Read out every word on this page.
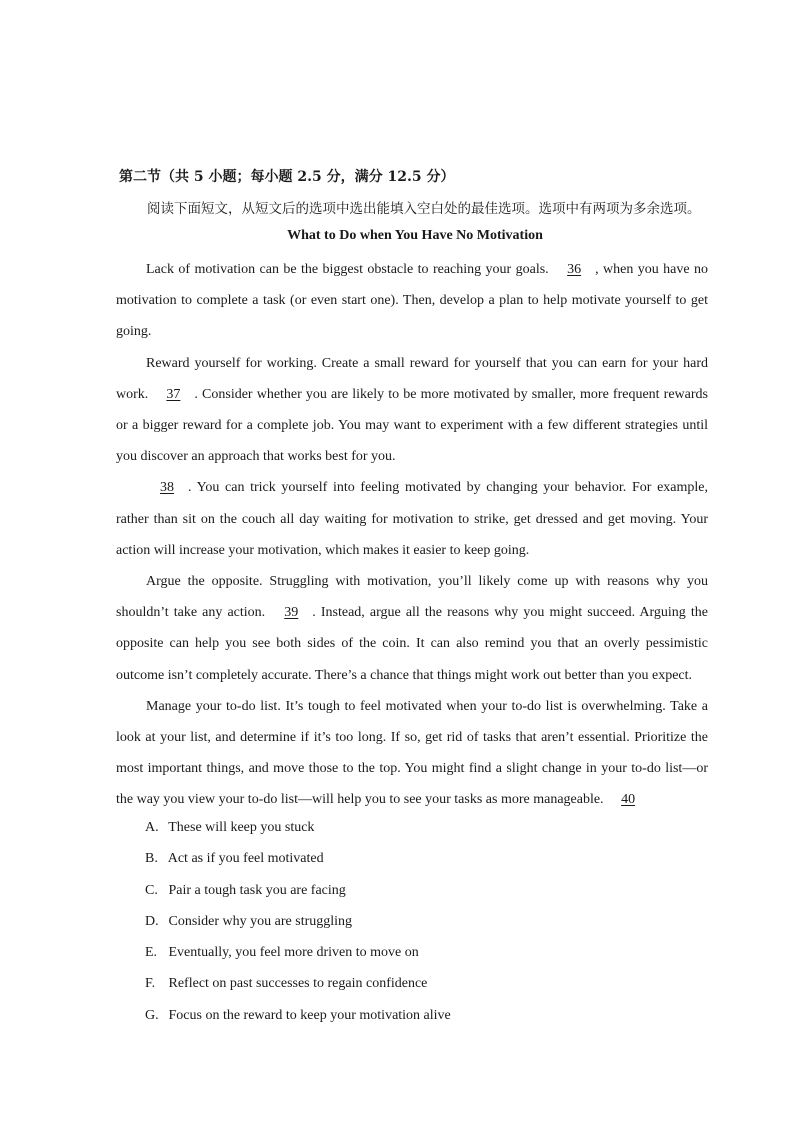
第二节（共 5 小题；每小题 2.5 分，满分 12.5 分）
阅读下面短文，从短文后的选项中选出能填入空白处的最佳选项。选项中有两项为多余选项。
What to Do when You Have No Motivation

Lack of motivation can be the biggest obstacle to reaching your goals. 36 , when you have no motivation to complete a task (or even start one). Then, develop a plan to help motivate yourself to get going.

Reward yourself for working. Create a small reward for yourself that you can earn for your hard work. 37 . Consider whether you are likely to be more motivated by smaller, more frequent rewards or a bigger reward for a complete job. You may want to experiment with a few different strategies until you discover an approach that works best for you.

38 . You can trick yourself into feeling motivated by changing your behavior. For example, rather than sit on the couch all day waiting for motivation to strike, get dressed and get moving. Your action will increase your motivation, which makes it easier to keep going.

Argue the opposite. Struggling with motivation, you’ll likely come up with reasons why you shouldn’t take any action. 39 . Instead, argue all the reasons why you might succeed. Arguing the opposite can help you see both sides of the coin. It can also remind you that an overly pessimistic outcome isn’t completely accurate. There’s a chance that things might work out better than you expect.

Manage your to-do list. It’s tough to feel motivated when your to-do list is overwhelming. Take a look at your list, and determine if it’s too long. If so, get rid of tasks that aren’t essential. Prioritize the most important things, and move those to the top. You might find a slight change in your to-do list—or the way you view your to-do list—will help you to see your tasks as more manageable. 40

A. These will keep you stuck
B. Act as if you feel motivated
C. Pair a tough task you are facing
D. Consider why you are struggling
E. Eventually, you feel more driven to move on
F. Reflect on past successes to regain confidence
G. Focus on the reward to keep your motivation alive
